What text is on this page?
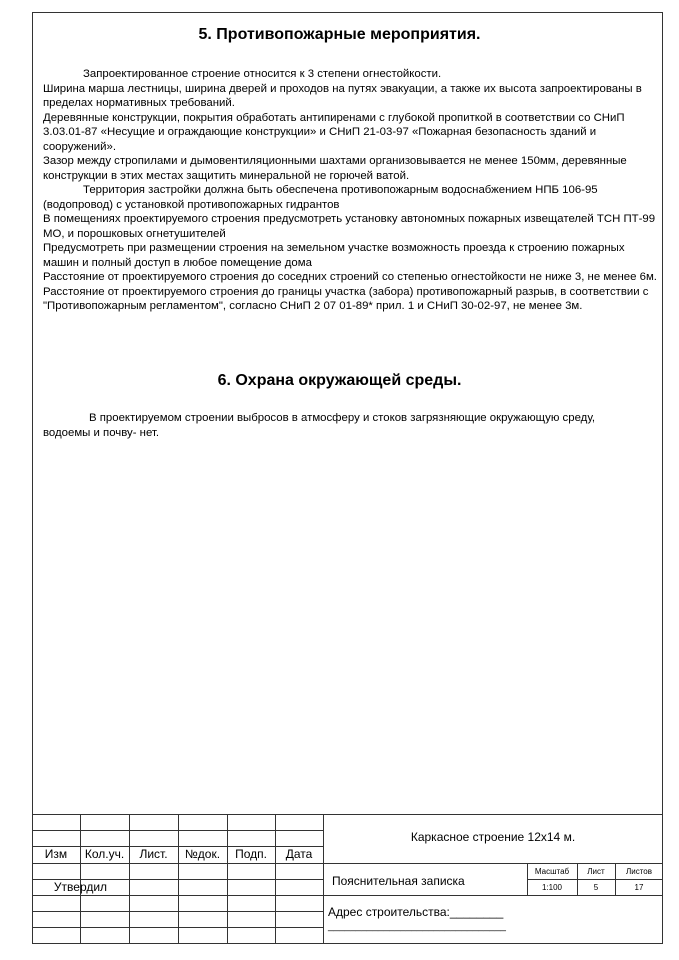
5. Противопожарные мероприятия.

Запроектированное строение относится к 3 степени огнестойкости.

Ширина марша лестницы, ширина дверей и проходов на путях эвакуации, а также их высота запроектированы в пределах нормативных требований.

Деревянные конструкции, покрытия обработать антипиренами с глубокой пропиткой в соответствии со СНиП 3.03.01-87 «Несущие и ограждающие конструкции» и СНиП 21-03-97 «Пожарная безопасность зданий и сооружений».

Зазор между стропилами и дымовентиляционными шахтами организовывается не менее 150мм, деревянные конструкции в этих местах защитить минеральной не горючей ватой.

Территория застройки должна быть обеспечена противопожарным водоснабжением НПБ 106-95 (водопровод) с установкой противопожарных гидрантов

В помещениях проектируемого строения предусмотреть установку автономных пожарных извещателей ТСН ПТ-99 МО, и порошковых огнетушителей

Предусмотреть при размещении строения на земельном участке возможность проезда к строению пожарных машин и полный доступ в любое помещение дома

Расстояние от проектируемого строения до соседних строений со степенью огнестойкости не ниже 3, не менее 6м.

Расстояние от проектируемого строения до границы участка (забора) противопожарный разрыв, в соответствии с "Противопожарным регламентом", согласно СНиП 2 07 01-89* прил. 1 и СНиП 30-02-97, не менее 3м.

6. Охрана окружающей среды.

В проектируемом строении выбросов в атмосферу и стоков загрязняющие окружающую среду, водоемы и почву- нет.

Изм	Кол.уч.	Лист.	№док.	Подп.	Дата
Утвердил
Каркасное строение 12х14 м.
Пояснительная записка
Масштаб	Лист	Листов
1:100	5	17
Адрес строительства:________
________________________________
